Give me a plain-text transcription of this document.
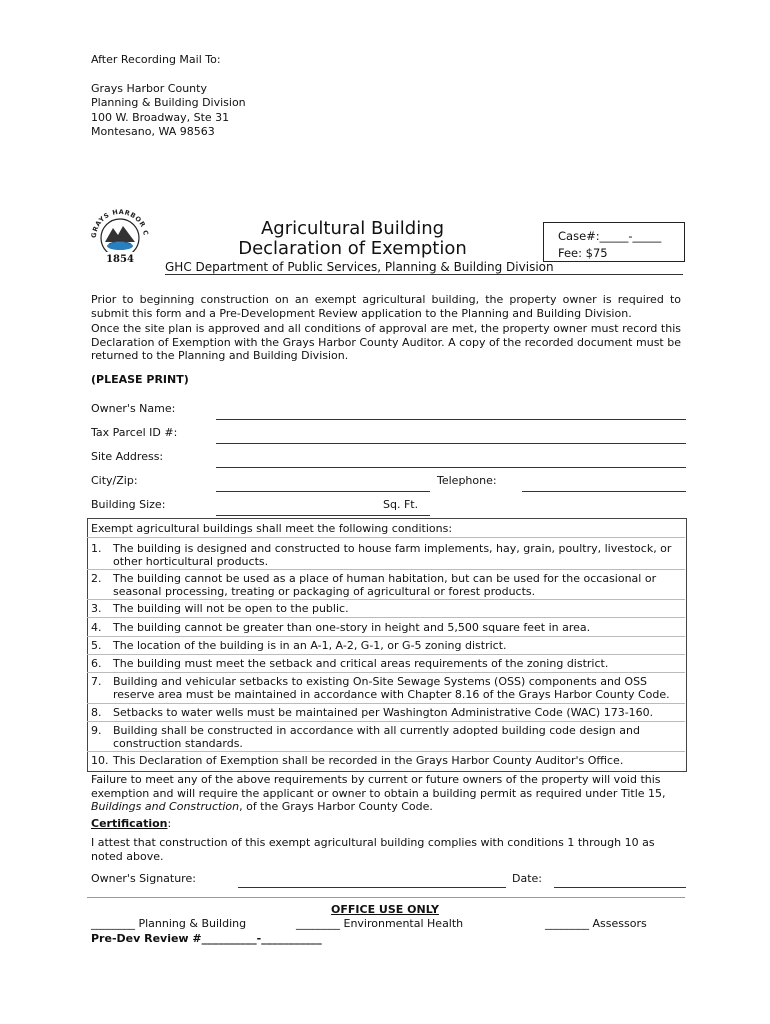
After Recording Mail To:
Grays Harbor County
Planning & Building Division
100 W. Broadway, Ste 31
Montesano, WA 98563
GRAYS HARBOR C
1854
Agricultural Building
Declaration of Exemption
Case#:_____-_____
Fee: $75
GHC Department of Public Services, Planning & Building Division
Prior to beginning construction on an exempt agricultural building, the property owner is required to submit this form and a Pre-Development Review application to the Planning and Building Division.
Once the site plan is approved and all conditions of approval are met, the property owner must record this Declaration of Exemption with the Grays Harbor County Auditor. A copy of the recorded document must be returned to the Planning and Building Division.
(PLEASE PRINT)
Owner's Name:
Tax Parcel ID #:
Site Address:
City/Zip:	Telephone:
Building Size:	Sq. Ft.
Exempt agricultural buildings shall meet the following conditions:
1. The building is designed and constructed to house farm implements, hay, grain, poultry, livestock, or other horticultural products.
2. The building cannot be used as a place of human habitation, but can be used for the occasional or seasonal processing, treating or packaging of agricultural or forest products.
3. The building will not be open to the public.
4. The building cannot be greater than one-story in height and 5,500 square feet in area.
5. The location of the building is in an A-1, A-2, G-1, or G-5 zoning district.
6. The building must meet the setback and critical areas requirements of the zoning district.
7. Building and vehicular setbacks to existing On-Site Sewage Systems (OSS) components and OSS reserve area must be maintained in accordance with Chapter 8.16 of the Grays Harbor County Code.
8. Setbacks to water wells must be maintained per Washington Administrative Code (WAC) 173-160.
9. Building shall be constructed in accordance with all currently adopted building code design and construction standards.
10. This Declaration of Exemption shall be recorded in the Grays Harbor County Auditor's Office.
Failure to meet any of the above requirements by current or future owners of the property will void this exemption and will require the applicant or owner to obtain a building permit as required under Title 15, Buildings and Construction, of the Grays Harbor County Code.
Certification:
I attest that construction of this exempt agricultural building complies with conditions 1 through 10 as noted above.
Owner's Signature:	Date:
OFFICE USE ONLY
________ Planning & Building	________ Environmental Health	________ Assessors
Pre-Dev Review #__________-___________
